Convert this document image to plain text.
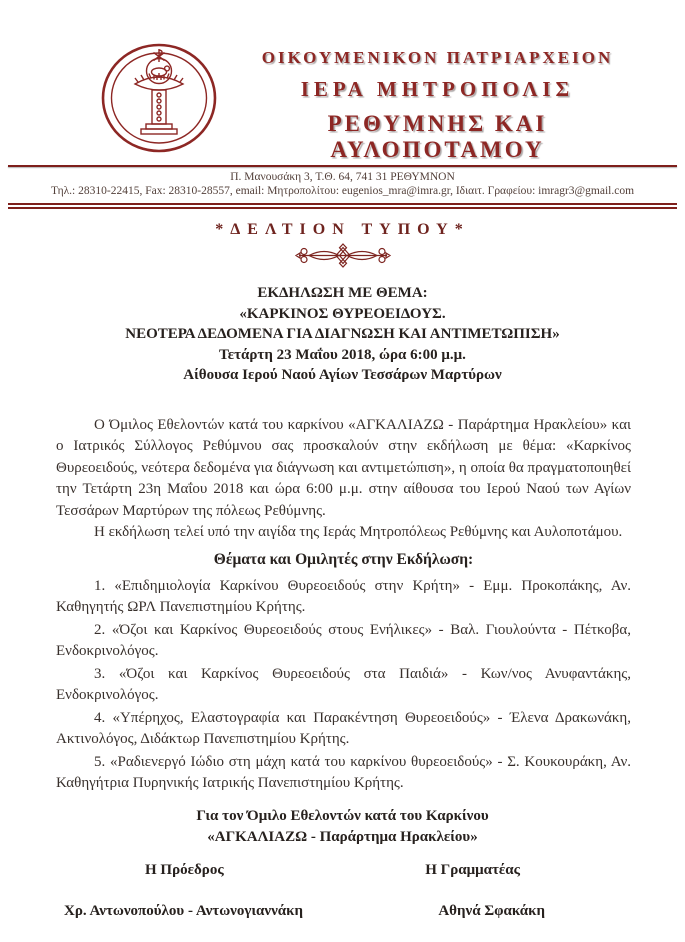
ΟΙΚΟΥΜΕΝΙΚΟΝ ΠΑΤΡΙΑΡΧΕΙΟΝ
ΙΕΡΑ ΜΗΤΡΟΠΟΛΙΣ
ΡΕΘΥΜΝΗΣ ΚΑΙ ΑΥΛΟΠΟΤΑΜΟΥ
Π. Μανουσάκη 3, Τ.Θ. 64, 741 31 ΡΕΘΥΜΝΟΝ
Τηλ.: 28310-22415, Fax: 28310-28557, email: Μητροπολίτου: eugenios_mra@imra.gr, Ιδιαιτ. Γραφείου: imragr3@gmail.com
*ΔΕΛΤΙΟΝ ΤΥΠΟΥ*
ΕΚΔΗΛΩΣΗ ΜΕ ΘΕΜΑ:
«ΚΑΡΚΙΝΟΣ ΘΥΡΕΟΕΙΔΟΥΣ.
ΝΕΟΤΕΡΑ ΔΕΔΟΜΕΝΑ ΓΙΑ ΔΙΑΓΝΩΣΗ ΚΑΙ ΑΝΤΙΜΕΤΩΠΙΣΗ»
Τετάρτη 23 Μαΐου 2018, ώρα 6:00 μ.μ.
Αίθουσα Ιερού Ναού Αγίων Τεσσάρων Μαρτύρων

Ο Όμιλος Εθελοντών κατά του καρκίνου «ΑΓΚΑΛΙΑΖΩ - Παράρτημα Ηρακλείου» και ο Ιατρικός Σύλλογος Ρεθύμνου σας προσκαλούν στην εκδήλωση με θέμα: «Καρκίνος Θυρεοειδούς, νεότερα δεδομένα για διάγνωση και αντιμετώπιση», η οποία θα πραγματοποιηθεί την Τετάρτη 23η Μαΐου 2018 και ώρα 6:00 μ.μ. στην αίθουσα του Ιερού Ναού των Αγίων Τεσσάρων Μαρτύρων της πόλεως Ρεθύμνης.

Η εκδήλωση τελεί υπό την αιγίδα της Ιεράς Μητροπόλεως Ρεθύμνης και Αυλοποτάμου.

Θέματα και Ομιλητές στην Εκδήλωση:

1. «Επιδημιολογία Καρκίνου Θυρεοειδούς στην Κρήτη» - Εμμ. Προκοπάκης, Αν. Καθηγητής ΩΡΛ Πανεπιστημίου Κρήτης.

2. «Όζοι και Καρκίνος Θυρεοειδούς στους Ενήλικες» - Βαλ. Γιουλούντα - Πέτκοβα, Ενδοκρινολόγος.

3. «Όζοι και Καρκίνος Θυρεοειδούς στα Παιδιά» - Κων/νος Ανυφαντάκης, Ενδοκρινολόγος.

4. «Υπέρηχος, Ελαστογραφία και Παρακέντηση Θυρεοειδούς» - Έλενα Δρακωνάκη, Ακτινολόγος, Διδάκτωρ Πανεπιστημίου Κρήτης.

5. «Ραδιενεργό Ιώδιο στη μάχη κατά του καρκίνου θυρεοειδούς» - Σ. Κουκουράκη, Αν. Καθηγήτρια Πυρηνικής Ιατρικής Πανεπιστημίου Κρήτης.

Για τον Όμιλο Εθελοντών κατά του Καρκίνου
«ΑΓΚΑΛΙΑΖΩ - Παράρτημα Ηρακλείου»
Η Πρόεδρος	Η Γραμματέας
Χρ. Αντωνοπούλου - Αντωνογιαννάκη	Αθηνά Σφακάκη
